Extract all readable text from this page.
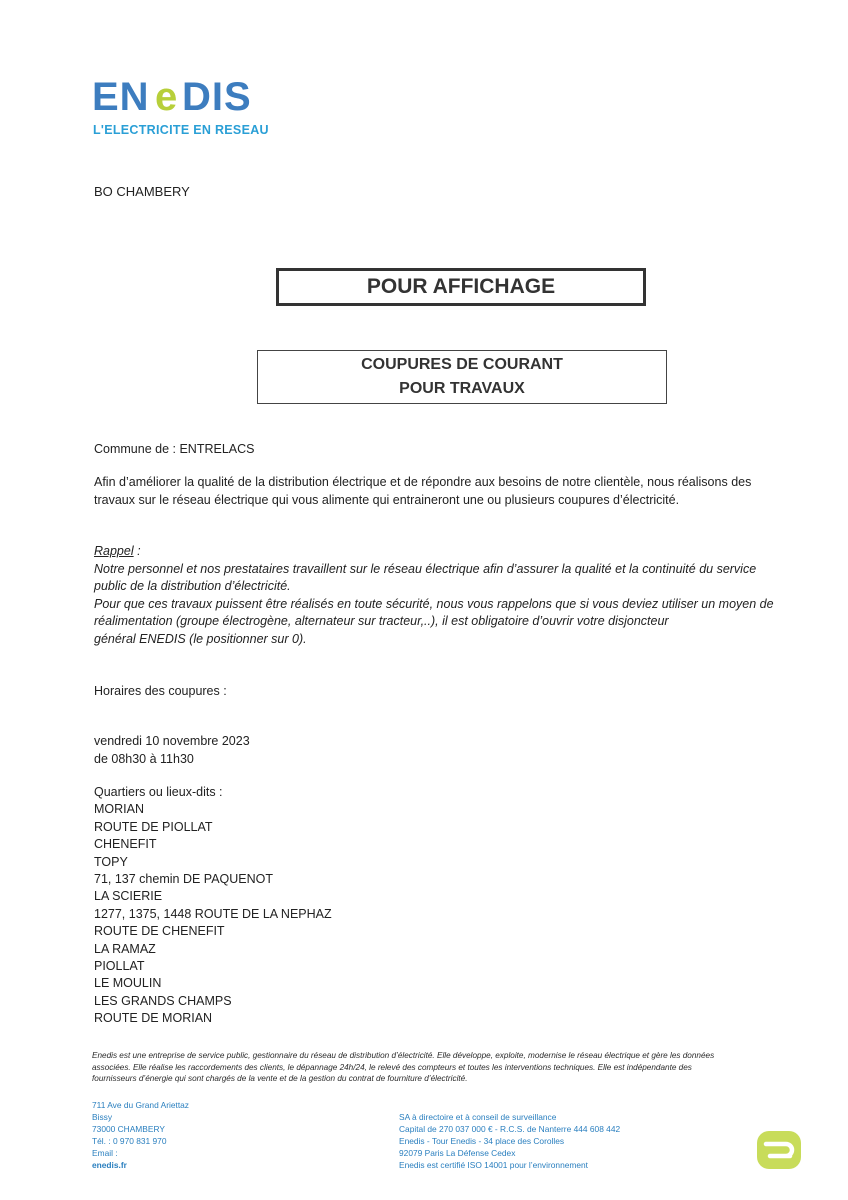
EN e DIS
L'ELECTRICITE EN RESEAU
BO CHAMBERY
POUR AFFICHAGE
COUPURES DE COURANT
POUR TRAVAUX
Commune de : ENTRELACS
Afin d’améliorer la qualité de la distribution électrique et de répondre aux besoins de notre clientèle, nous réalisons des
travaux sur le réseau électrique qui vous alimente qui entraineront une ou plusieurs coupures d’électricité.
Rappel :
Notre personnel et nos prestataires travaillent sur le réseau électrique afin d’assurer la qualité et la continuité du service
public de la distribution d’électricité.
Pour que ces travaux puissent être réalisés en toute sécurité, nous vous rappelons que si vous deviez utiliser un moyen de
réalimentation (groupe électrogène, alternateur sur tracteur,..), il est obligatoire d’ouvrir votre disjoncteur
général ENEDIS (le positionner sur 0).
Horaires des coupures :
vendredi 10 novembre 2023
de 08h30 à 11h30
Quartiers ou lieux-dits :
MORIAN
ROUTE DE PIOLLAT
CHENEFIT
TOPY
71, 137 chemin DE PAQUENOT
LA SCIERIE
1277, 1375, 1448 ROUTE DE LA NEPHAZ
ROUTE DE CHENEFIT
LA RAMAZ
PIOLLAT
LE MOULIN
LES GRANDS CHAMPS
ROUTE DE MORIAN
Enedis est une entreprise de service public, gestionnaire du réseau de distribution d’électricité. Elle développe, exploite, modernise le réseau électrique et gère les données
associées. Elle réalise les raccordements des clients, le dépannage 24h/24, le relevé des compteurs et toutes les interventions techniques. Elle est indépendante des
fournisseurs d’énergie qui sont chargés de la vente et de la gestion du contrat de fourniture d’électricité.
711 Ave du Grand Ariettaz
Bissy
73000 CHAMBERY
Tél. : 0 970 831 970
Email :
enedis.fr
SA à directoire et à conseil de surveillance
Capital de 270 037 000 € - R.C.S. de Nanterre 444 608 442
Enedis - Tour Enedis - 34 place des Corolles
92079 Paris La Défense Cedex
Enedis est certifié ISO 14001 pour l’environnement
